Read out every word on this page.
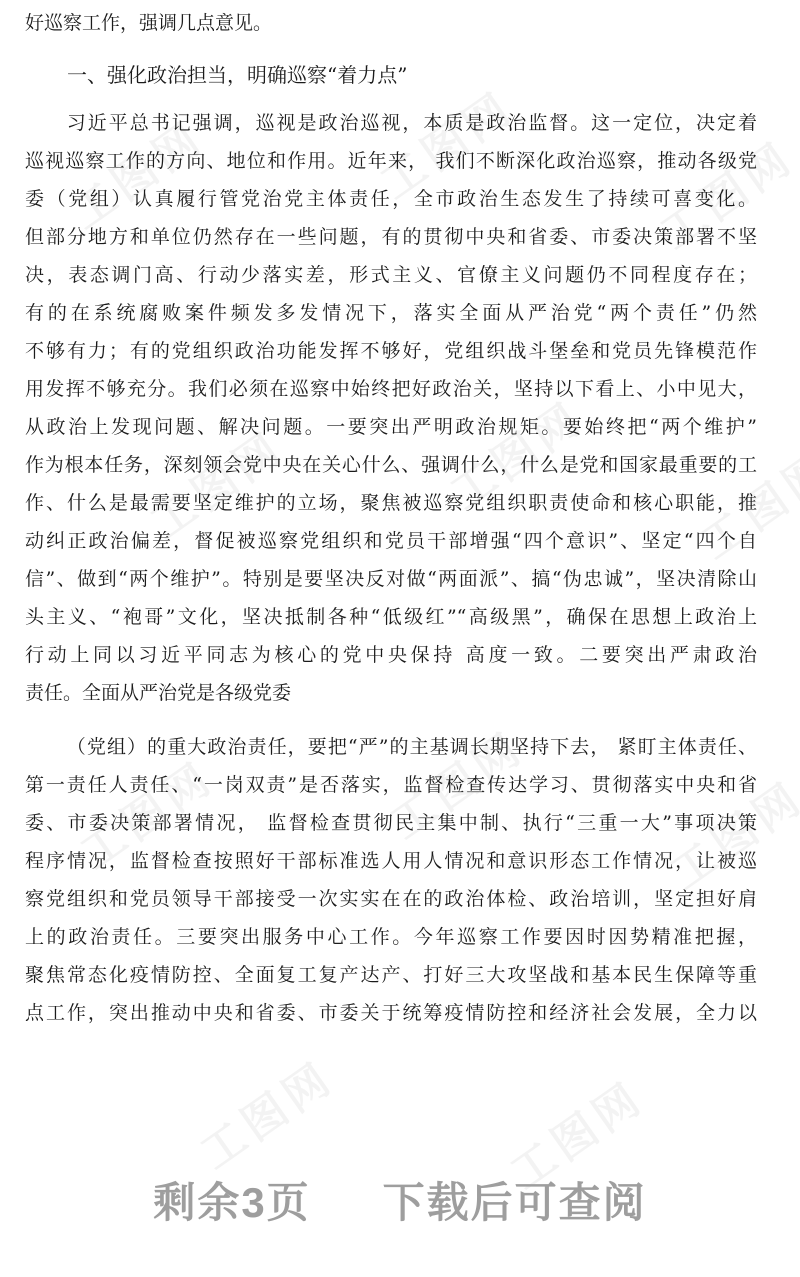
好巡察工作，强调几点意见。

一、强化政治担当，明确巡察“着力点”

习近平总书记强调，巡视是政治巡视，本质是政治监督。这一定位，决定着

巡视巡察工作的方向、地位和作用。近年来， 我们不断深化政治巡察，推动各级党

委（党组）认真履行管党治党主体责任，全市政治生态发生了持续可喜变化。

但部分地方和单位仍然存在一些问题，有的贯彻中央和省委、市委决策部署不坚

决，表态调门高、行动少落实差，形式主义、官僚主义问题仍不同程度存在；

有的在系统腐败案件频发多发情况下，落实全面从严治党“两个责任”仍然

不够有力；有的党组织政治功能发挥不够好，党组织战斗堡垒和党员先锋模范作

用发挥不够充分。我们必须在巡察中始终把好政治关，坚持以下看上、小中见大，

从政治上发现问题、解决问题。一要突出严明政治规矩。要始终把“两个维护”

作为根本任务，深刻领会党中央在关心什么、强调什么，什么是党和国家最重要的工

作、什么是最需要坚定维护的立场，聚焦被巡察党组织职责使命和核心职能，推

动纠正政治偏差，督促被巡察党组织和党员干部增强“四个意识”、坚定“四个自

信”、做到“两个维护”。特别是要坚决反对做“两面派”、搞“伪忠诚”，坚决清除山

头主义、“袍哥”文化，坚决抵制各种“低级红”“高级黑”，确保在思想上政治上

行动上同以习近平同志为核心的党中央保持 高度一致。二要突出严肃政治

责任。全面从严治党是各级党委

（党组）的重大政治责任，要把“严”的主基调长期坚持下去， 紧盯主体责任、

第一责任人责任、“一岗双责”是否落实，监督检查传达学习、贯彻落实中央和省

委、市委决策部署情况， 监督检查贯彻民主集中制、执行“三重一大”事项决策

程序情况，监督检查按照好干部标准选人用人情况和意识形态工作情况，让被巡

察党组织和党员领导干部接受一次实实在在的政治体检、政治培训，坚定担好肩

上的政治责任。三要突出服务中心工作。今年巡察工作要因时因势精准把握，

聚焦常态化疫情防控、全面复工复产达产、打好三大攻坚战和基本民生保障等重

点工作，突出推动中央和省委、市委关于统筹疫情防控和经济社会发展，全力以

剩余3页 下载后可查阅
